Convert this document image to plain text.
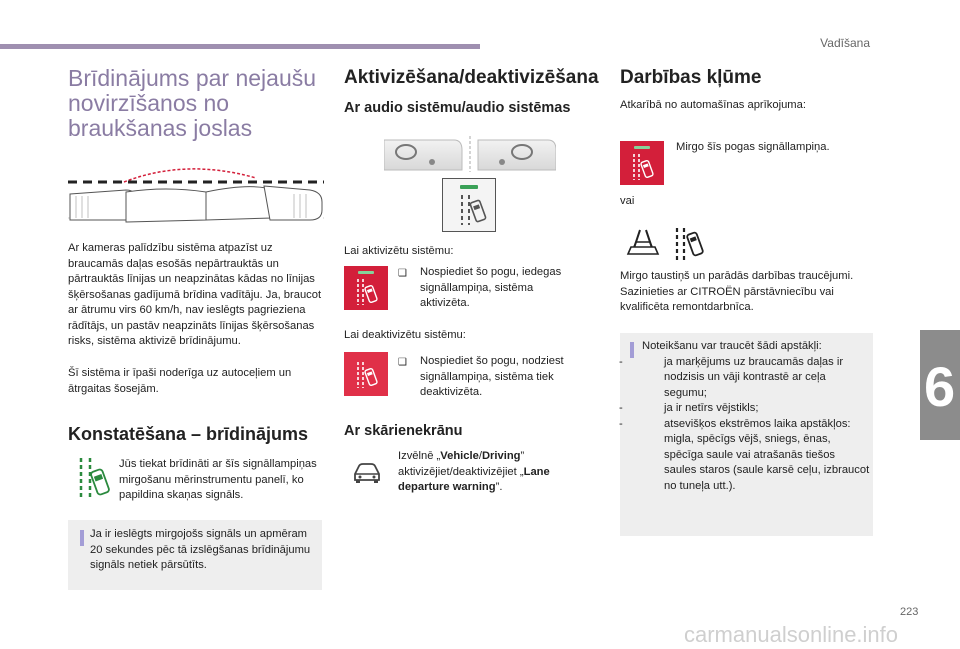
Vadīšana
6
Brīdinājums par nejaušu novirzīšanos no braukšanas joslas
Ar kameras palīdzību sistēma atpazīst uz braucamās daļas esošās nepārtrauktās un pārtrauktās līnijas un neapzinātas kādas no līnijas šķērsošanas gadījumā brīdina vadītāju. Ja, braucot ar ātrumu virs 60 km/h, nav ieslēgts pagrieziena rādītājs, un pastāv neapzināts līnijas šķērsošanas risks, sistēma aktivizē brīdinājumu.
Šī sistēma ir īpaši noderīga uz autoceļiem un ātrgaitas šosejām.
Konstatēšana – brīdinājums
Jūs tiekat brīdināti ar šīs signāllampiņas mirgošanu mērinstrumentu panelī, ko papildina skaņas signāls.
Ja ir ieslēgts mirgojošs signāls un apmēram 20 sekundes pēc tā izslēgšanas brīdinājumu signāls netiek pārsūtīts.
Aktivizēšana/deaktivizēšana
Ar audio sistēmu/audio sistēmas
Lai aktivizētu sistēmu:
❑ Nospiediet šo pogu, iedegas signāllampiņa, sistēma aktivizēta.
Lai deaktivizētu sistēmu:
❑ Nospiediet šo pogu, nodziest signāllampiņa, sistēma tiek deaktivizēta.
Ar skārienekrānu
Izvēlnē „Vehicle/Driving” aktivizējiet/deaktivizējiet „Lane departure warning”.
Darbības kļūme
Atkarībā no automašīnas aprīkojuma:
Mirgo šīs pogas signāllampiņa.
vai
Mirgo taustiņš un parādās darbības traucējumi. Sazinieties ar CITROËN pārstāvniecību vai kvalificēta remontdarbnīca.
Noteikšanu var traucēt šādi apstākļi:
-	ja marķējums uz braucamās daļas ir nodzisis un vāji kontrastē ar ceļa segumu;
-	ja ir netīrs vējstikls;
-	atsevišķos ekstrēmos laika apstākļos: migla, spēcīgs vējš, sniegs, ēnas, spēcīga saule vai atrašanās tiešos saules staros (saule karsē ceļu, izbraucot no tuneļa utt.).
223
carmanualsonline.info
